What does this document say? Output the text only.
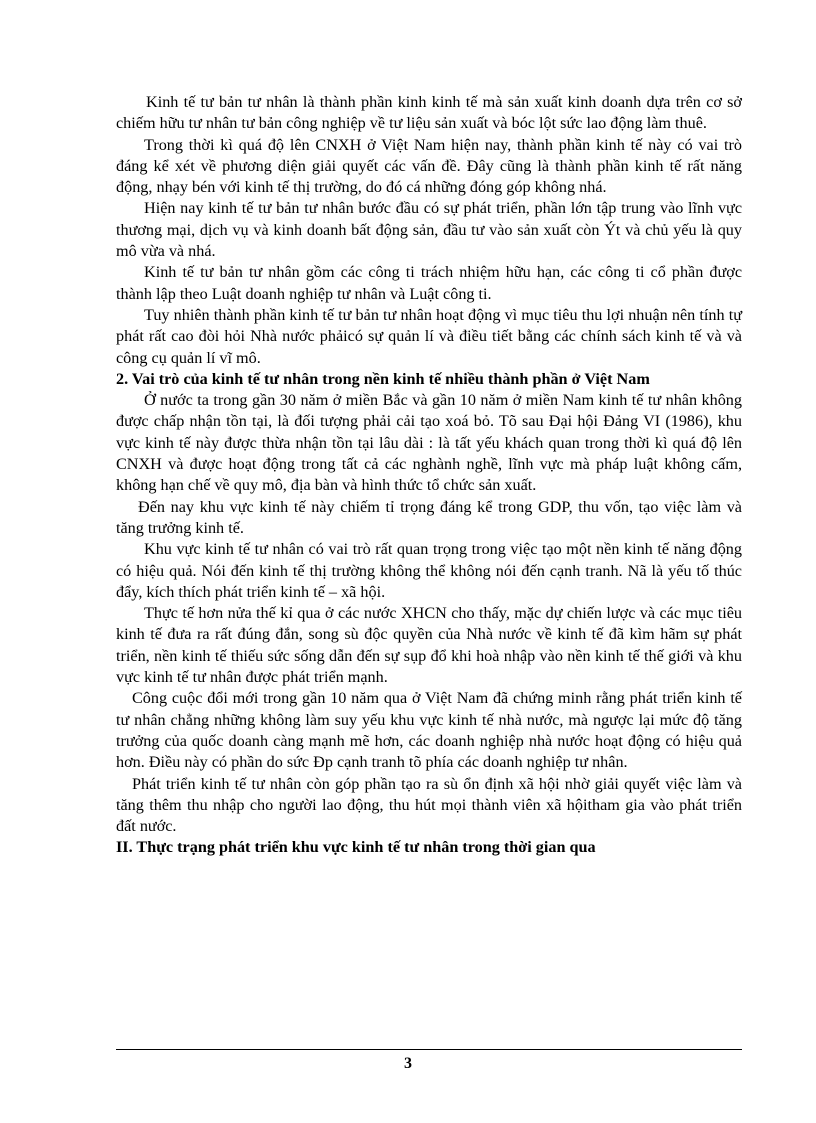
Kinh tế tư bản tư nhân là thành phần kinh kinh tế mà sản xuất kinh doanh dựa trên cơ sở chiếm hữu tư nhân tư bản công nghiệp về tư liệu sản xuất và bóc lột sức lao động làm thuê.

Trong thời kì quá độ lên CNXH ở Việt Nam hiện nay, thành phần kinh tế này có vai trò đáng kể xét về phương diện giải quyết các vấn đề. Đây cũng là thành phần kinh tế rất năng động, nhạy bén với kinh tế thị trường, do đó cá những đóng góp không nhá.

Hiện nay kinh tế tư bản tư nhân bước đầu có sự phát triển, phần lớn tập trung vào lĩnh vực thương mại, dịch vụ và kinh doanh bất động sản, đầu tư vào sản xuất còn Ýt và chủ yếu là quy mô vừa và nhá.

Kinh tế tư bản tư nhân gồm các công ti trách nhiệm hữu hạn, các công ti cổ phần được thành lập theo Luật doanh nghiệp tư nhân và Luật công ti.

Tuy nhiên thành phần kinh tế tư bản tư nhân hoạt động vì mục tiêu thu lợi nhuận nên tính tự phát rất cao đòi hỏi Nhà nước phảicó sự quản lí và điều tiết bằng các chính sách kinh tế và và công cụ quản lí vĩ mô.

2. Vai trò của kinh tế tư nhân trong nền kinh tế nhiều thành phần ở Việt Nam

Ở nước ta trong gần 30 năm ở miền Bắc và gần 10 năm ở miền Nam kinh tế tư nhân không được chấp nhận tồn tại, là đối tượng phải cải tạo xoá bỏ. Tõ sau Đại hội Đảng VI (1986), khu vực kinh tế này được thừa nhận tồn tại lâu dài : là tất yếu khách quan trong thời kì quá độ lên CNXH và được hoạt động trong tất cả các nghành nghề, lĩnh vực mà pháp luật không cấm, không hạn chế về quy mô, địa bàn và hình thức tổ chức sản xuất.

Đến nay khu vực kinh tế này chiếm tỉ trọng đáng kể trong GDP, thu vốn, tạo việc làm và tăng trưởng kinh tế.

Khu vực kinh tế tư nhân có vai trò rất quan trọng trong việc tạo một nền kinh tế năng động có hiệu quả. Nói đến kinh tế thị trường không thể không nói đến cạnh tranh. Nã là yếu tố thúc đẩy, kích thích phát triển kinh tế – xã hội.

Thực tế hơn nửa thế kỉ qua ở các nước XHCN cho thấy, mặc dự chiến lược và các mục tiêu kinh tế đưa ra rất đúng đắn, song sù độc quyền của Nhà nước về kinh tế đã kìm hãm sự phát triển, nền kinh tế thiếu sức sống dẫn đến sự sụp đổ khi hoà nhập vào nền kinh tế thế giới và khu vực kinh tế tư nhân được phát triển mạnh.

Công cuộc đổi mới trong gần 10 năm qua ở Việt Nam đã chứng minh rằng phát triển kinh tế tư nhân chẳng những không làm suy yếu khu vực kinh tế nhà nước, mà ngược lại mức độ tăng trưởng của quốc doanh càng mạnh mẽ hơn, các doanh nghiệp nhà nước hoạt động có hiệu quả hơn. Điều này có phần do sức Đp cạnh tranh tõ phía các doanh nghiệp tư nhân.

Phát triển kinh tế tư nhân còn góp phần tạo ra sù ổn định xã hội nhờ giải quyết việc làm và tăng thêm thu nhập cho người lao động, thu hút mọi thành viên xã hộitham gia vào phát triển đất nước.

II. Thực trạng phát triển khu vực kinh tế tư nhân trong thời gian qua
3
